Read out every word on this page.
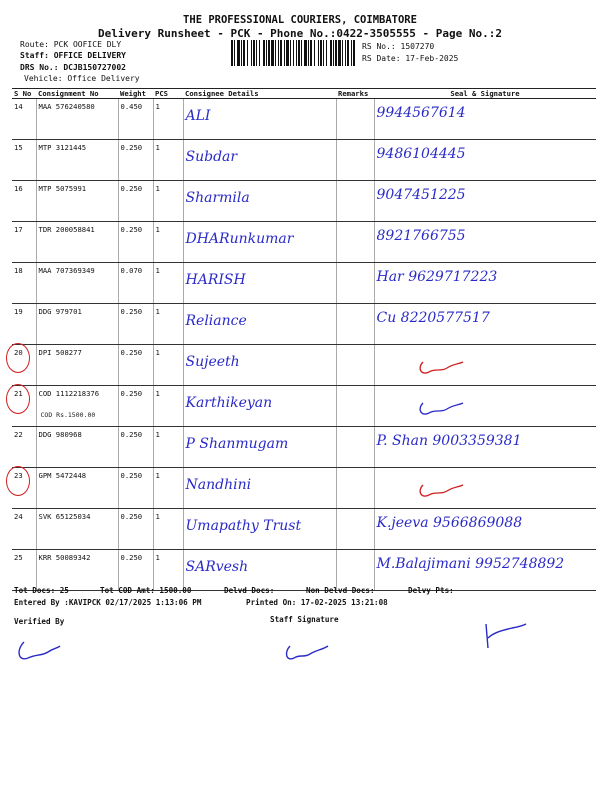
THE PROFESSIONAL COURIERS, COIMBATORE
Delivery Runsheet - PCK - Phone No.:0422-3505555 - Page No.:2
Route: PCK OOFICE DLY
Staff: OFFICE DELIVERY
DRS No.: DCJB150727002
Vehicle: Office Delivery
RS No.: 1507270
RS Date: 17-Feb-2025
S No	Consignment No	Weight	PCS	Consignee Details	Remarks	Seal & Signature
14	MAA 576240580	0.450	1	ALI		9944567614

15	MTP 3121445	0.250	1	Subdar		9486104445

16	MTP 5075991	0.250	1	Sharmila		9047451225

17	TDR 200058841	0.250	1	DHARunkumar		8921766755

18	MAA 707369349	0.070	1	HARISH		Har 9629717223

19	DDG 979701	0.250	1	Reliance		Cu 8220577517

20	DPI 508277	0.250	1	Sujeeth

21	COD 1112218376
COD Rs.1500.00	0.250	1	Karthikeyan

22	DDG 980968	0.250	1	P Shanmugam		P. Shan 9003359381

23	GPM 5472448	0.250	1	Nandhini

24	SVK 65125034	0.250	1	Umapathy Trust		K.jeeva 9566869088

25	KRR 50089342	0.250	1	SARvesh		M.Balajimani 9952748892
Tot Docs: 25	Tot COD Amt: 1500.00	Delvd Docs:	Non Delvd Docs:	Delvy Pts:
Entered By :KAVIPCK 02/17/2025 1:13:06 PM	Printed On: 17-02-2025 13:21:08
Verified By	Staff Signature
